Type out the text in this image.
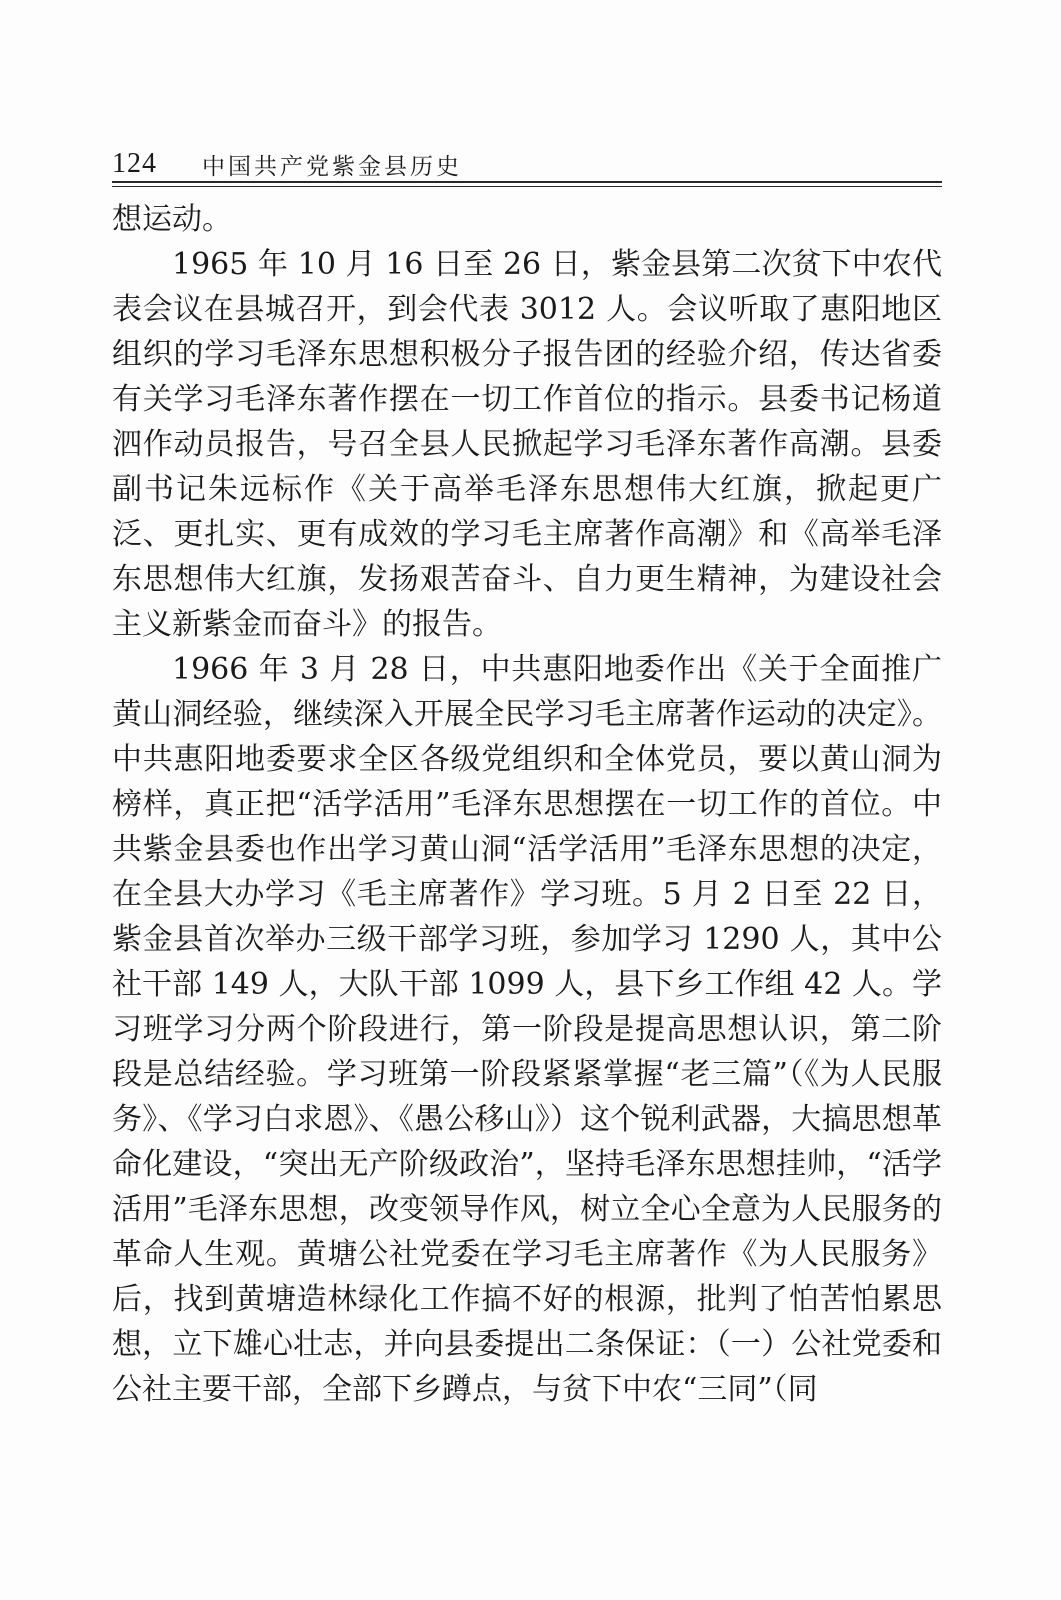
124 中国共产党紫金县历史

想运动。

1965 年 10 月 16 日至 26 日，紫金县第二次贫下中农代表会议在县城召开，到会代表 3012 人。会议听取了惠阳地区组织的学习毛泽东思想积极分子报告团的经验介绍，传达省委有关学习毛泽东著作摆在一切工作首位的指示。县委书记杨道泗作动员报告，号召全县人民掀起学习毛泽东著作高潮。县委副书记朱远标作《关于高举毛泽东思想伟大红旗，掀起更广泛、更扎实、更有成效的学习毛主席著作高潮》和《高举毛泽东思想伟大红旗，发扬艰苦奋斗、自力更生精神，为建设社会主义新紫金而奋斗》的报告。

1966 年 3 月 28 日，中共惠阳地委作出《关于全面推广黄山洞经验，继续深入开展全民学习毛主席著作运动的决定》。中共惠阳地委要求全区各级党组织和全体党员，要以黄山洞为榜样，真正把“活学活用”毛泽东思想摆在一切工作的首位。中共紫金县委也作出学习黄山洞“活学活用”毛泽东思想的决定，在全县大办学习《毛主席著作》学习班。5 月 2 日至 22 日，紫金县首次举办三级干部学习班，参加学习 1290 人，其中公社干部 149 人，大队干部 1099 人，县下乡工作组 42 人。学习班学习分两个阶段进行，第一阶段是提高思想认识，第二阶段是总结经验。学习班第一阶段紧紧掌握“老三篇”（《为人民服务》、《学习白求恩》、《愚公移山》）这个锐利武器，大搞思想革命化建设，“突出无产阶级政治”，坚持毛泽东思想挂帅，“活学活用”毛泽东思想，改变领导作风，树立全心全意为人民服务的革命人生观。黄塘公社党委在学习毛主席著作《为人民服务》后，找到黄塘造林绿化工作搞不好的根源，批判了怕苦怕累思想，立下雄心壮志，并向县委提出二条保证：（一）公社党委和公社主要干部，全部下乡蹲点，与贫下中农“三同”（同
